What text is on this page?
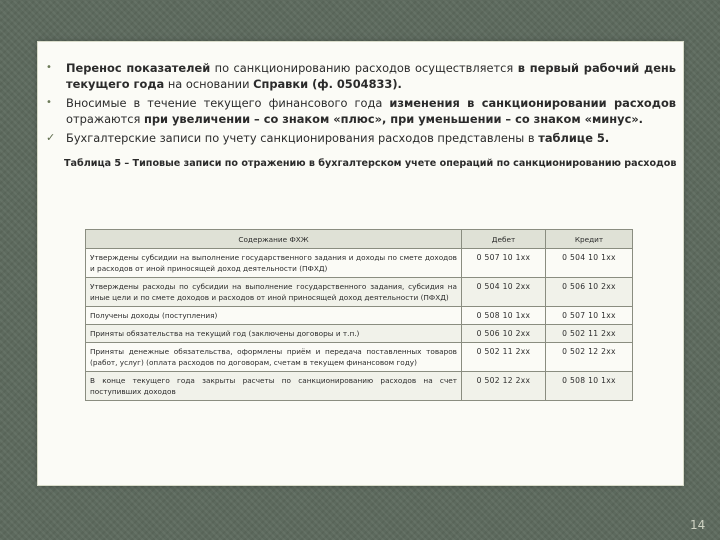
•	Перенос показателей по санкционированию расходов осуществляется в первый рабочий день текущего года на основании Справки (ф. 0504833).
•	Вносимые в течение текущего финансового года изменения в санкционировании расходов отражаются при увеличении – со знаком «плюс», при уменьшении – со знаком «минус».
✓ Бухгалтерские записи по учету санкционирования расходов представлены в таблице 5.
Таблица 5 – Типовые записи по отражению в бухгалтерском учете операций по санкционированию расходов
Содержание ФХЖ	Дебет	Кредит
Утверждены субсидии на выполнение государственного задания и доходы по смете доходов и расходов от иной приносящей доход деятельности (ПФХД)	0 507 10 1хх	0 504 10 1хх
Утверждены расходы по субсидии на выполнение государственного задания, субсидия на иные цели и по смете доходов и расходов от иной приносящей доход деятельности (ПФХД)	0 504 10 2хх	0 506 10 2хх
Получены доходы (поступления)	0 508 10 1хх	0 507 10 1хх
Приняты обязательства на текущий год (заключены договоры и т.п.)	0 506 10 2хх	0 502 11 2хх
Приняты денежные обязательства, оформлены приём и передача поставленных товаров (работ, услуг) (оплата расходов по договорам, счетам в текущем финансовом году)	0 502 11 2хх	0 502 12 2хх
В конце текущего года закрыты расчеты по санкционированию расходов на счет поступивших доходов	0 502 12 2хх	0 508 10 1хх
14
